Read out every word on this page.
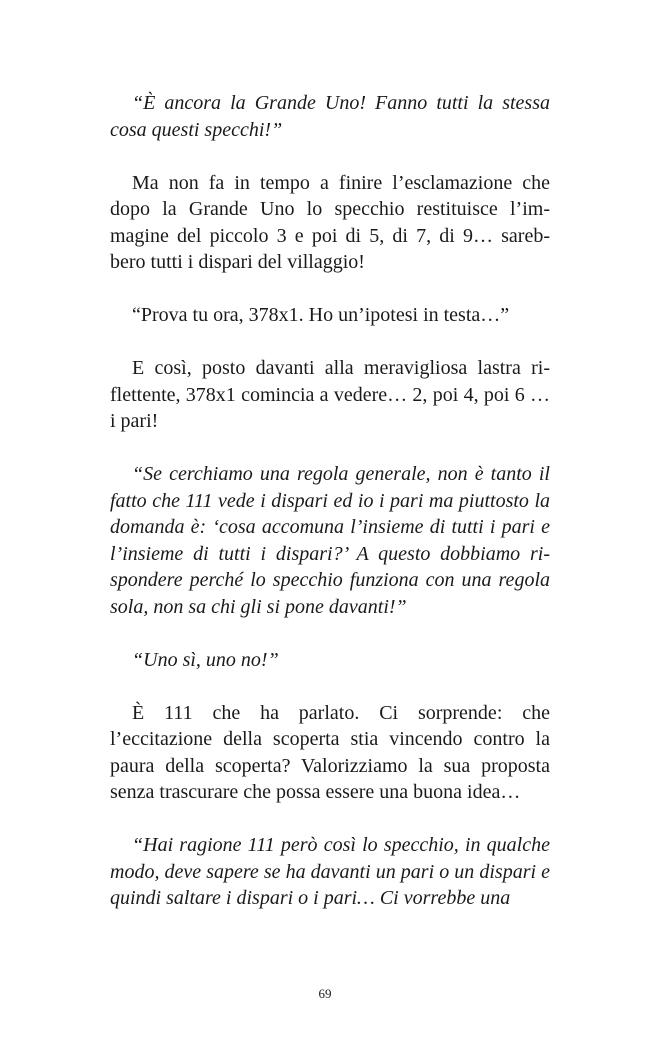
“È ancora la Grande Uno! Fanno tutti la stessa cosa questi specchi!”

Ma non fa in tempo a finire l’esclamazione che dopo la Grande Uno lo specchio restituisce l’im- magine del piccolo 3 e poi di 5, di 7, di 9… sareb- bero tutti i dispari del villaggio!

“Prova tu ora, 378x1. Ho un’ipotesi in testa…”

E così, posto davanti alla meravigliosa lastra ri- flettente, 378x1 comincia a vedere… 2, poi 4, poi 6 … i pari!

“Se cerchiamo una regola generale, non è tanto il fatto che 111 vede i dispari ed io i pari ma piuttosto la domanda è: ‘cosa accomuna l’insieme di tutti i pari e l’insieme di tutti i dispari?’ A questo dobbiamo ri- spondere perché lo specchio funziona con una regola sola, non sa chi gli si pone davanti!”

“Uno sì, uno no!”

È 111 che ha parlato. Ci sorprende: che l’eccitazione della scoperta stia vincendo contro la paura della scoperta? Valorizziamo la sua proposta senza trascurare che possa essere una buona idea…

“Hai ragione 111 però così lo specchio, in qualche modo, deve sapere se ha davanti un pari o un dispari e quindi saltare i dispari o i pari… Ci vorrebbe una

69
